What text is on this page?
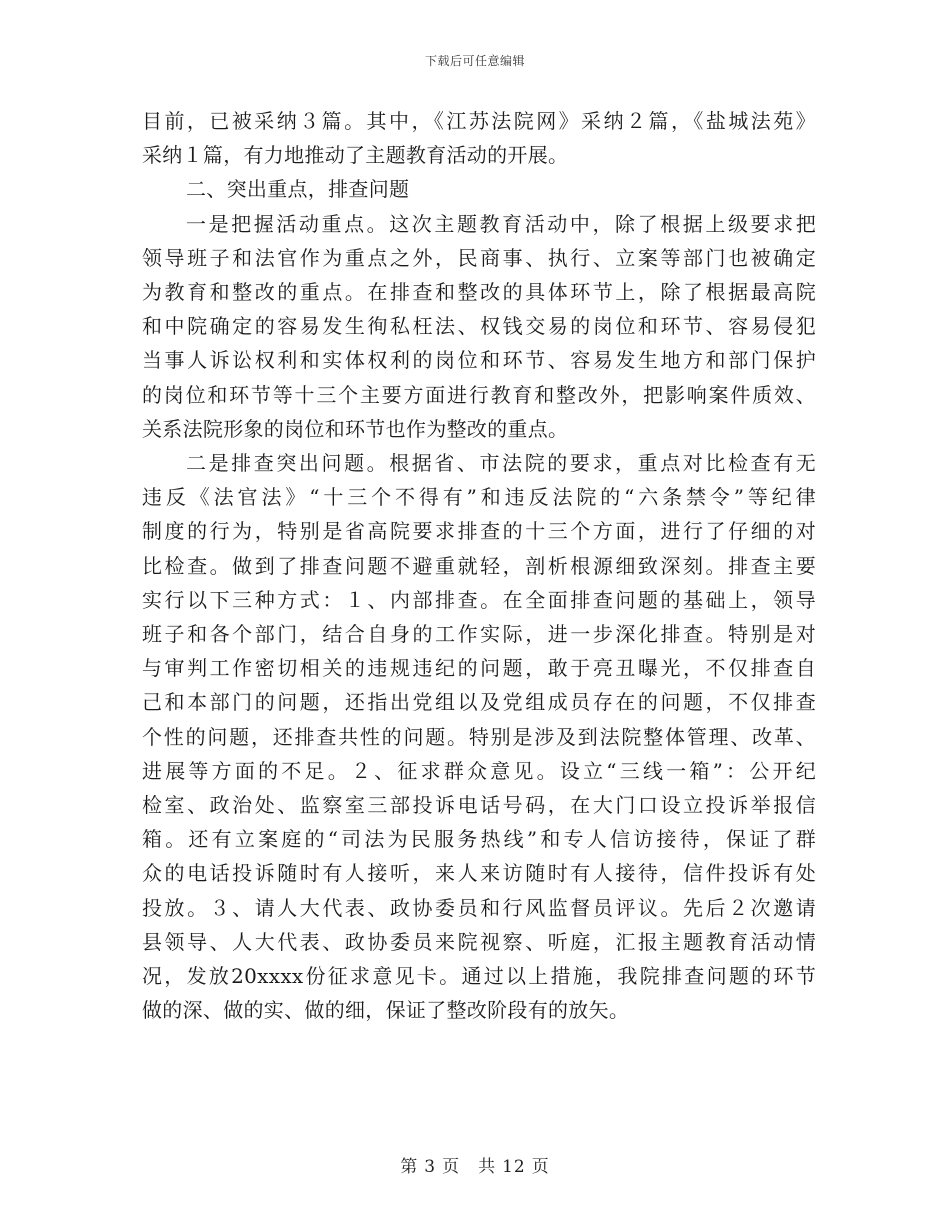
下载后可任意编辑
目前，已被采纳３篇。其中，《江苏法院网》采纳２篇，《盐城法苑》
采纳１篇，有力地推动了主题教育活动的开展。
二、突出重点，排查问题
一是把握活动重点。这次主题教育活动中，除了根据上级要求把
领导班子和法官作为重点之外，民商事、执行、立案等部门也被确定
为教育和整改的重点。在排查和整改的具体环节上，除了根据最高院
和中院确定的容易发生徇私枉法、权钱交易的岗位和环节、容易侵犯
当事人诉讼权利和实体权利的岗位和环节、容易发生地方和部门保护
的岗位和环节等十三个主要方面进行教育和整改外，把影响案件质效、
关系法院形象的岗位和环节也作为整改的重点。
二是排查突出问题。根据省、市法院的要求，重点对比检查有无
违反《法官法》“十三个不得有”和违反法院的“六条禁令”等纪律
制度的行为，特别是省高院要求排查的十三个方面，进行了仔细的对
比检查。做到了排查问题不避重就轻，剖析根源细致深刻。排查主要
实行以下三种方式：１、内部排查。在全面排查问题的基础上，领导
班子和各个部门，结合自身的工作实际，进一步深化排查。特别是对
与审判工作密切相关的违规违纪的问题，敢于亮丑曝光，不仅排查自
己和本部门的问题，还指出党组以及党组成员存在的问题，不仅排查
个性的问题，还排查共性的问题。特别是涉及到法院整体管理、改革、
进展等方面的不足。２、征求群众意见。设立“三线一箱”：公开纪
检室、政治处、监察室三部投诉电话号码，在大门口设立投诉举报信
箱。还有立案庭的“司法为民服务热线”和专人信访接待，保证了群
众的电话投诉随时有人接听，来人来访随时有人接待，信件投诉有处
投放。３、请人大代表、政协委员和行风监督员评议。先后２次邀请
县领导、人大代表、政协委员来院视察、听庭，汇报主题教育活动情
况，发放20xxxx份征求意见卡。通过以上措施，我院排查问题的环节
做的深、做的实、做的细，保证了整改阶段有的放矢。
第 3 页　共 12 页
